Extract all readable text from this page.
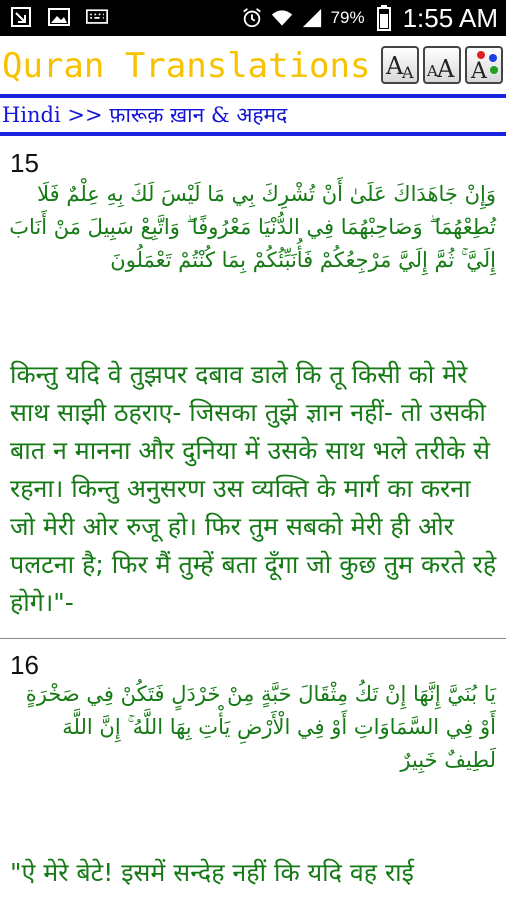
79% 1:55 AM
Quran Translations A
A A A A
Hindi >> फ़ारूक़ ख़ान & अहमद
15
وَإِنْ جَاهَدَاكَ عَلَىٰ أَنْ تُشْرِكَ بِي مَا لَيْسَ لَكَ بِهِ عِلْمٌ فَلَا تُطِعْهُمَا ۖ وَصَاحِبْهُمَا فِي الدُّنْيَا مَعْرُوفًا ۖ وَاتَّبِعْ سَبِيلَ مَنْ أَنَابَ إِلَيَّ ۚ ثُمَّ إِلَيَّ مَرْجِعُكُمْ فَأُنَبِّئُكُمْ بِمَا كُنْتُمْ تَعْمَلُونَ
किन्तु यदि वे तुझपर दबाव डाले कि तू किसी को मेरे साथ साझी ठहराए- जिसका तुझे ज्ञान नहीं- तो उसकी बात न मानना और दुनिया में उसके साथ भले तरीके से रहना। किन्तु अनुसरण उस व्यक्ति के मार्ग का करना जो मेरी ओर रुजू हो। फिर तुम सबको मेरी ही ओर पलटना है; फिर मैं तुम्हें बता दूँगा जो कुछ तुम करते रहे होगे।"-
16
يَا بُنَيَّ إِنَّهَا إِنْ تَكُ مِثْقَالَ حَبَّةٍ مِنْ خَرْدَلٍ فَتَكُنْ فِي صَخْرَةٍ أَوْ فِي السَّمَاوَاتِ أَوْ فِي الْأَرْضِ يَأْتِ بِهَا اللَّهُ ۚ إِنَّ اللَّهَ لَطِيفٌ خَبِيرٌ
"ऐ मेरे बेटे! इसमें सन्देह नहीं कि यदि वह राई
